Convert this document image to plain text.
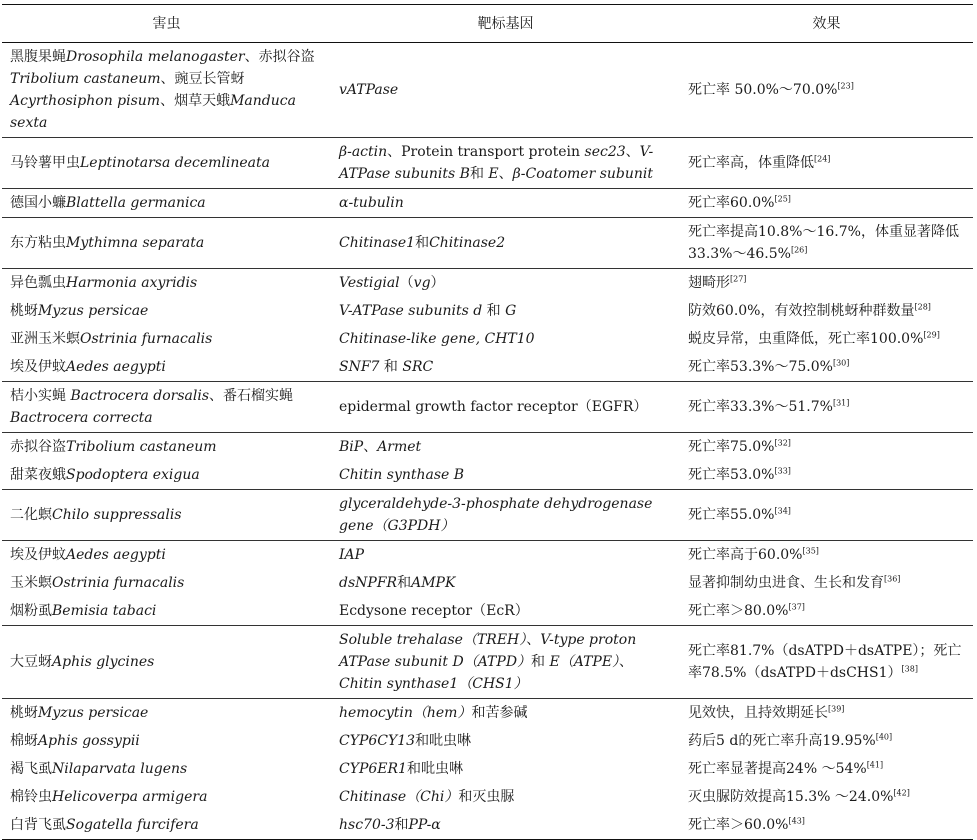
害虫	靶标基因	效果
黑腹果蝇Drosophila melanogaster、赤拟谷盗Tribolium castaneum、豌豆长管蚜Acyrthosiphon pisum、烟草天蛾Manduca sexta	vATPase	死亡率 50.0%～70.0%[23]
马铃薯甲虫Leptinotarsa decemlineata	β-actin、Protein transport protein sec23、V- ATPase subunits B和 E、β-Coatomer subunit	死亡率高，体重降低[24]
德国小蠊Blattella germanica	α-tubulin	死亡率60.0%[25]
东方粘虫Mythimna separata	Chitinase1和Chitinase2	死亡率提高10.8%～16.7%，体重显著降低33.3%～46.5%[26]
异色瓢虫Harmonia axyridis	Vestigial（vg）	翅畸形[27]
桃蚜Myzus persicae	V-ATPase subunits d 和 G	防效60.0%，有效控制桃蚜种群数量[28]
亚洲玉米螟Ostrinia furnacalis	Chitinase-like gene, CHT10	蜕皮异常，虫重降低，死亡率100.0%[29]
埃及伊蚊Aedes aegypti	SNF7 和 SRC	死亡率53.3%～75.0%[30]
桔小实蝇 Bactrocera dorsalis、番石榴实蝇 Bactrocera correcta	epidermal growth factor receptor（EGFR）	死亡率33.3%～51.7%[31]
赤拟谷盗Tribolium castaneum	BiP、Armet	死亡率75.0%[32]
甜菜夜蛾Spodoptera exigua	Chitin synthase B	死亡率53.0%[33]
二化螟Chilo suppressalis	glyceraldehyde-3-phosphate dehydrogenase gene（G3PDH）	死亡率55.0%[34]
埃及伊蚊Aedes aegypti	IAP	死亡率高于60.0%[35]
玉米螟Ostrinia furnacalis	dsNPFR和AMPK	显著抑制幼虫进食、生长和发育[36]
烟粉虱Bemisia tabaci	Ecdysone receptor（EcR）	死亡率＞80.0%[37]
大豆蚜Aphis glycines	Soluble trehalase（TREH）、V-type proton ATPase subunit D（ATPD）和 E（ATPE）、Chitin synthase1（CHS1）	死亡率81.7%（dsATPD＋dsATPE）；死亡率78.5%（dsATPD＋dsCHS1）[38]
桃蚜Myzus persicae	hemocytin（hem）和苦参碱	见效快，且持效期延长[39]
棉蚜Aphis gossypii	CYP6CY13和吡虫啉	药后5 d的死亡率升高19.95%[40]
褐飞虱Nilaparvata lugens	CYP6ER1和吡虫啉	死亡率显著提高24% ～54%[41]
棉铃虫Helicoverpa armigera	Chitinase（Chi）和灭虫脲	灭虫脲防效提高15.3% ～24.0%[42]
白背飞虱Sogatella furcifera	hsc70-3和PP-α	死亡率＞60.0%[43]
